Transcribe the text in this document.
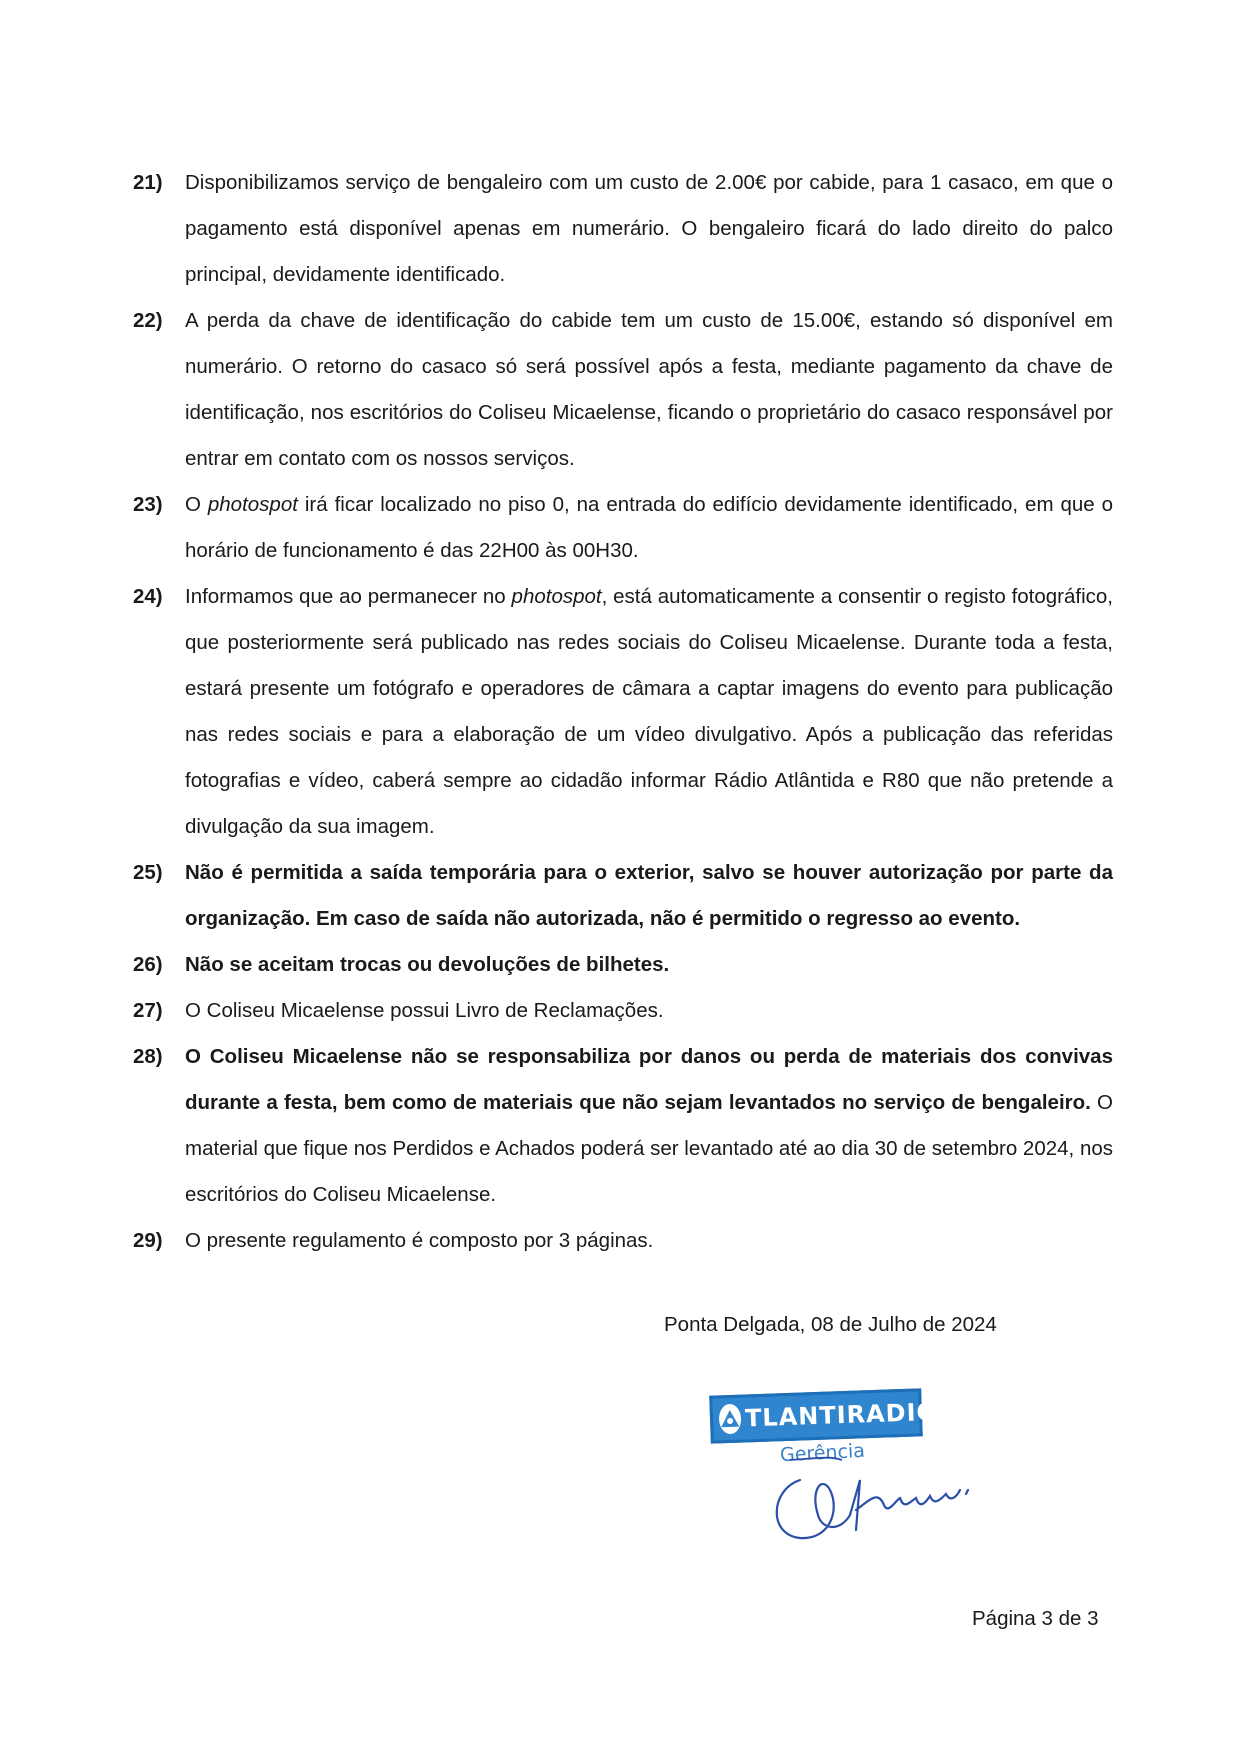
21)	Disponibilizamos serviço de bengaleiro com um custo de 2.00€ por cabide, para 1 casaco, em que o pagamento está disponível apenas em numerário. O bengaleiro ficará do lado direito do palco principal, devidamente identificado.
22)	A perda da chave de identificação do cabide tem um custo de 15.00€, estando só disponível em numerário. O retorno do casaco só será possível após a festa, mediante pagamento da chave de identificação, nos escritórios do Coliseu Micaelense, ficando o proprietário do casaco responsável por entrar em contato com os nossos serviços.
23)	O photospot irá ficar localizado no piso 0, na entrada do edifício devidamente identificado, em que o horário de funcionamento é das 22H00 às 00H30.
24)	Informamos que ao permanecer no photospot, está automaticamente a consentir o registo fotográfico, que posteriormente será publicado nas redes sociais do Coliseu Micaelense. Durante toda a festa, estará presente um fotógrafo e operadores de câmara a captar imagens do evento para publicação nas redes sociais e para a elaboração de um vídeo divulgativo. Após a publicação das referidas fotografias e vídeo, caberá sempre ao cidadão informar Rádio Atlântida e R80 que não pretende a divulgação da sua imagem.
25)	Não é permitida a saída temporária para o exterior, salvo se houver autorização por parte da organização. Em caso de saída não autorizada, não é permitido o regresso ao evento.
26)	Não se aceitam trocas ou devoluções de bilhetes.
27)	O Coliseu Micaelense possui Livro de Reclamações.
28)	O Coliseu Micaelense não se responsabiliza por danos ou perda de materiais dos convivas durante a festa, bem como de materiais que não sejam levantados no serviço de bengaleiro. O material que fique nos Perdidos e Achados poderá ser levantado até ao dia 30 de setembro 2024, nos escritórios do Coliseu Micaelense.
29)	O presente regulamento é composto por 3 páginas.
Ponta Delgada, 08 de Julho de 2024
TLANTIRADIO
Gerência
Página 3 de 3
